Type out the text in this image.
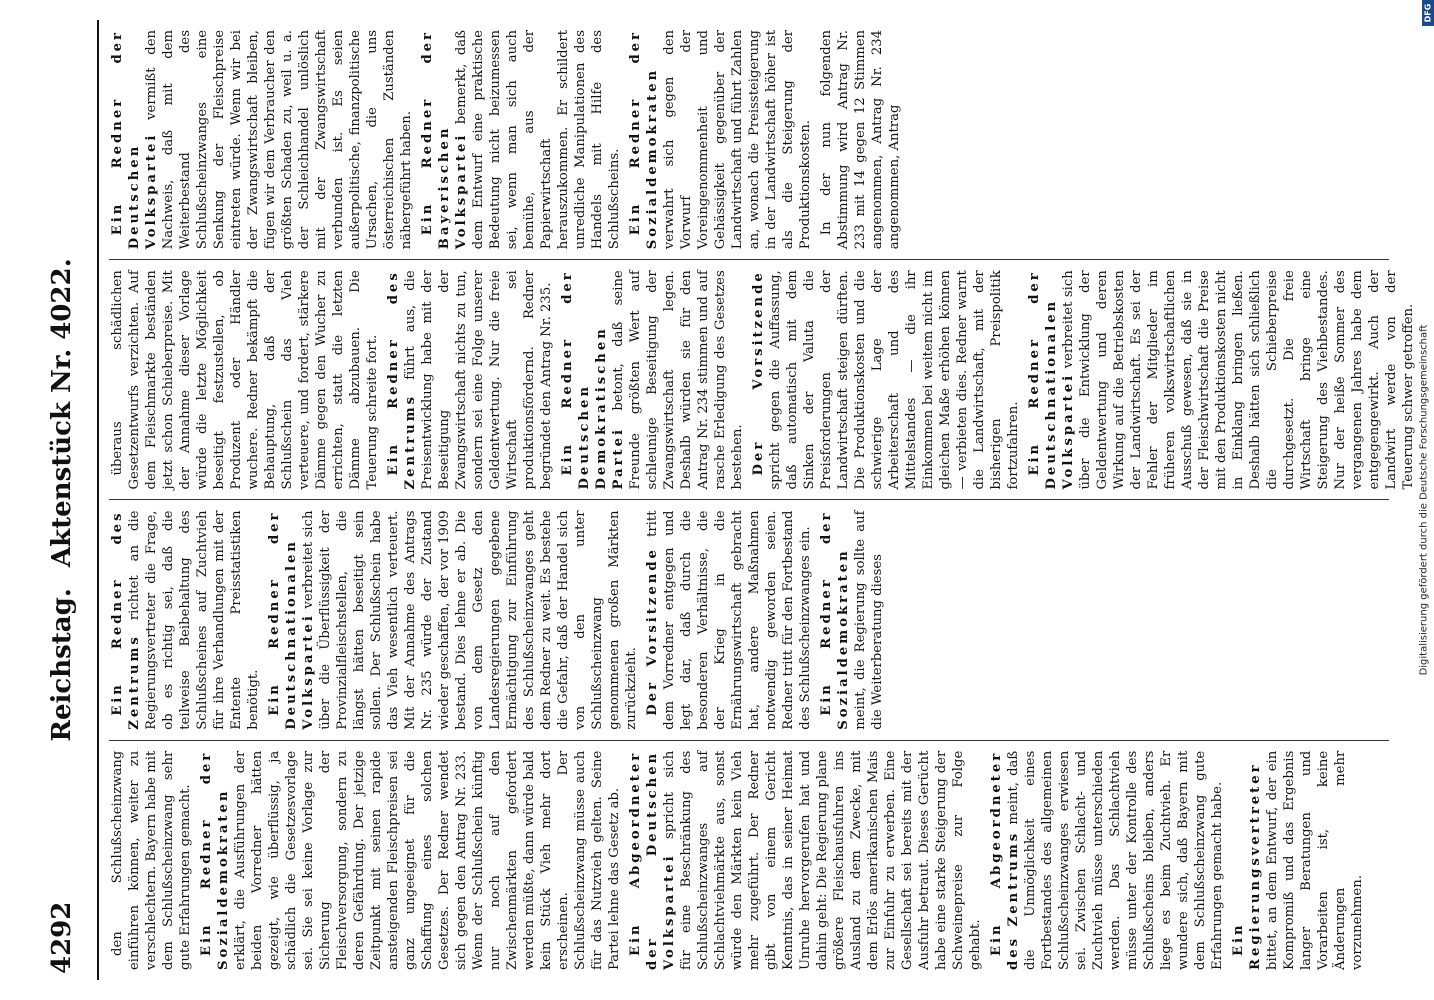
4292
Reichstag. Aktenstück Nr. 4022.

den Schlußscheinzwang einführen können, weiter zu verschlechtern. Bayern habe mit dem Schlußscheinzwang sehr gute Erfahrungen gemacht. Ein Redner der Sozialdemokraten erklärt, die Ausführungen der beiden Vorredner hätten gezeigt, wie überflüssig, ja schädlich die Gesetzesvorlage sei. Sie sei keine Vorlage zur Sicherung der Fleischversorgung, sondern zu deren Gefährdung. Der jetzige Zeitpunkt mit seinen rapide ansteigenden Fleischpreisen sei ganz ungeeignet für die Schaffung eines solchen Gesetzes. Der Redner wendet sich gegen den Antrag Nr. 233. Wenn der Schlußschein künftig nur noch auf den Zwischenmärkten gefordert werden müßte, dann würde bald kein Stück Vieh mehr dort erscheinen. Der Schlußscheinzwang müsse auch für das Nutzvieh gelten. Seine Partei lehne das Gesetz ab. Ein Abgeordneter der Deutschen Volkspartei spricht sich für eine Beschränkung des Schlußscheinzwanges auf Schlachtviehmärkte aus, sonst würde den Märkten kein Vieh mehr zugeführt. Der Redner gibt von einem Gericht Kenntnis, das in seiner Heimat Unruhe hervorgerufen hat und dahin geht: Die Regierung plane größere Fleischausfuhren ins Ausland zu dem Zwecke, mit dem Erlös amerikanischen Mais zur Einfuhr zu erwerben. Eine Gesellschaft sei bereits mit der Ausfuhr betraut. Dieses Gerücht habe eine starke Steigerung der Schweinepreise zur Folge gehabt. Ein Abgeordneter des Zentrums meint, daß die Unmöglichkeit eines Fortbestandes des allgemeinen Schlußscheinzwanges erwiesen sei. Zwischen Schlacht- und Zuchtvieh müsse unterschieden werden. Das Schlachtvieh müsse unter der Kontrolle des Schlußscheins bleiben, anders liege es beim Zuchtvieh. Er wundere sich, daß Bayern mit dem Schlußscheinzwang gute Erfahrungen gemacht habe. Ein Regierungsvertreter bittet, an dem Entwurf, der ein Kompromiß und das Ergebnis langer Beratungen und Vorarbeiten ist, keine Änderungen mehr vorzunehmen.

Ein Redner des Zentrums richtet an die Regierungsvertreter die Frage, ob es richtig sei, daß die teilweise Beibehaltung des Schlußscheines auf Zuchtvieh für ihre Verhandlungen mit der Entente Preisstatistiken benötigt. Ein Redner der Deutschnationalen Volkspartei verbreitet sich über die Überflüssigkeit der Provinzialfleischstellen, die längst hätten beseitigt sein sollen. Der Schlußschein habe das Vieh wesentlich verteuert. Mit der Annahme des Antrags Nr. 235 würde der Zustand wieder geschaffen, der vor 1909 bestand. Dies lehne er ab. Die von dem Gesetz den Landesregierungen gegebene Ermächtigung zur Einführung des Schlußscheinzwanges geht dem Redner zu weit. Es bestehe die Gefahr, daß der Handel sich von den unter Schlußscheinzwang genommenen großen Märkten zurückzieht. Der Vorsitzende tritt dem Vorredner entgegen und legt dar, daß durch die besonderen Verhältnisse, die der Krieg in die Ernährungswirtschaft gebracht hat, andere Maßnahmen notwendig geworden seien. Redner tritt für den Fortbestand des Schlußscheinzwanges ein. Ein Redner der Sozialdemokraten meint, die Regierung sollte auf die Weiterberatung dieses

überaus schädlichen Gesetzentwurfs verzichten. Auf dem Fleischmarkte beständen jetzt schon Schieberpreise. Mit der Annahme dieser Vorlage würde die letzte Möglichkeit beseitigt festzustellen, ob Produzent oder Händler wuchere. Redner bekämpft die Behauptung, daß der Schlußschein das Vieh verteuere, und fordert, stärkere Dämme gegen den Wucher zu errichten, statt die letzten Dämme abzubauen. Die Teuerung schreite fort. Ein Redner des Zentrums führt aus, die Preisentwicklung habe mit der Beseitigung der Zwangswirtschaft nichts zu tun, sondern sei eine Folge unserer Geldentwertung. Nur die freie Wirtschaft sei produktionsfördernd. Redner begründet den Antrag Nr. 235. Ein Redner der Deutschen Demokratischen Partei betont, daß seine Freunde größten Wert auf schleunige Beseitigung der Zwangswirtschaft legen. Deshalb würden sie für den Antrag Nr. 234 stimmen und auf rasche Erledigung des Gesetzes bestehen. Der Vorsitzende spricht gegen die Auffassung, daß automatisch mit dem Sinken der Valuta die Preisforderungen der Landwirtschaft steigen dürften. Die Produktionskosten und die schwierige Lage der Arbeiterschaft und des Mittelstandes — die ihr Einkommen bei weitem nicht im gleichen Maße erhöhen können — verbieten dies. Redner warnt die Landwirtschaft, mit der bisherigen Preispolitik fortzufahren. Ein Redner der Deutschnationalen Volkspartei verbreitet sich über die Entwicklung der Geldentwertung und deren Wirkung auf die Betriebskosten der Landwirtschaft. Es sei der Fehler der Mitglieder im früheren volkswirtschaftlichen Ausschuß gewesen, daß sie in der Fleischwirtschaft die Preise mit den Produktionskosten nicht in Einklang bringen ließen. Deshalb hätten sich schließlich die Schieberpreise durchgesetzt. Die freie Wirtschaft bringe eine Steigerung des Viehbestandes. Nur der heiße Sommer des vergangenen Jahres habe dem entgegengewirkt. Auch der Landwirt werde von der Teuerung schwer getroffen.

Ein Redner der Deutschen Volkspartei vermißt den Nachweis, daß mit dem Weiterbestand des Schlußscheinzwanges eine Senkung der Fleischpreise eintreten würde. Wenn wir bei der Zwangswirtschaft bleiben, fügen wir dem Verbraucher den größten Schaden zu, weil u. a. der Schleichhandel unlöslich mit der Zwangswirtschaft verbunden ist. Es seien außerpolitische, finanzpolitische Ursachen, die uns österreichischen Zuständen nähergeführt haben. Ein Redner der Bayerischen Volkspartei bemerkt, daß dem Entwurf eine praktische Bedeutung nicht beizumessen sei, wenn man sich auch bemühe, aus der Papierwirtschaft herauszukommen. Er schildert unredliche Manipulationen des Handels mit Hilfe des Schlußscheins. Ein Redner der Sozialdemokraten verwahrt sich gegen den Vorwurf der Voreingenommenheit und Gehässigkeit gegenüber der Landwirtschaft und führt Zahlen an, wonach die Preissteigerung in der Landwirtschaft höher ist als die Steigerung der Produktionskosten. In der nun folgenden Abstimmung wird Antrag Nr. 233 mit 14 gegen 12 Stimmen angenommen, Antrag Nr. 234 angenommen, Antrag

Digitalisierung gefördert durch die Deutsche Forschungsgemeinschaft
DFG
